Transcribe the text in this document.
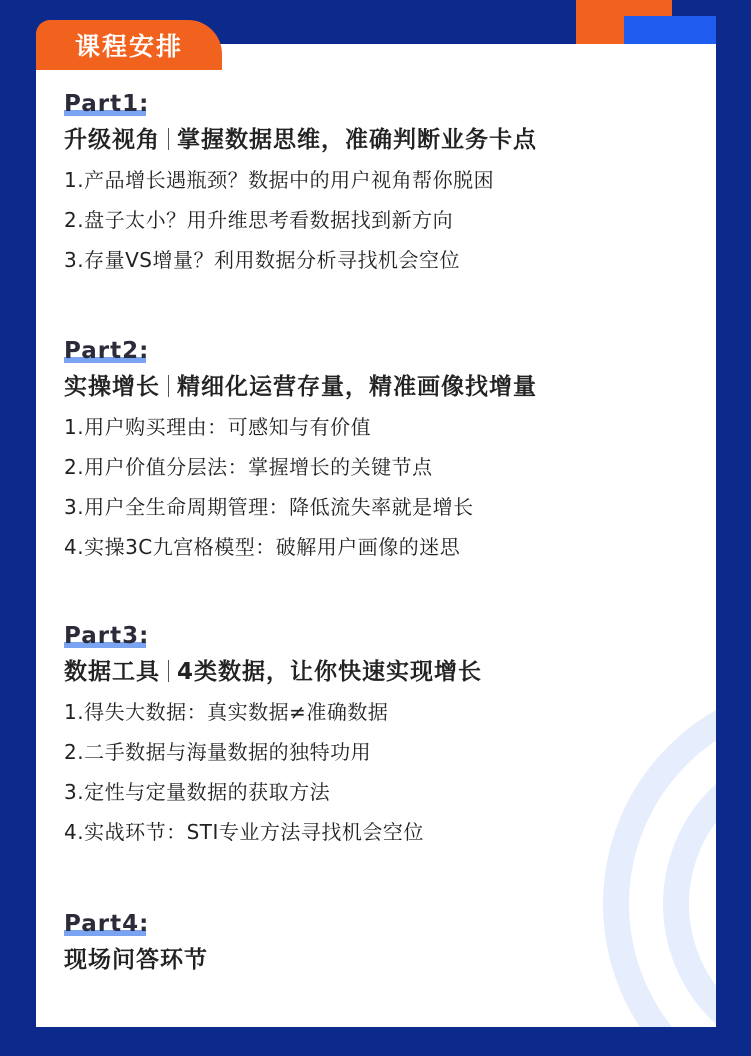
课程安排
Part1:
升级视角 掌握数据思维，准确判断业务卡点
1.产品增长遇瓶颈？数据中的用户视角帮你脱困
2.盘子太小？用升维思考看数据找到新方向
3.存量VS增量？利用数据分析寻找机会空位
Part2:
实操增长 精细化运营存量，精准画像找增量
1.用户购买理由：可感知与有价值
2.用户价值分层法：掌握增长的关键节点
3.用户全生命周期管理：降低流失率就是增长
4.实操3C九宫格模型：破解用户画像的迷思
Part3:
数据工具 4类数据，让你快速实现增长
1.得失大数据：真实数据≠准确数据
2.二手数据与海量数据的独特功用
3.定性与定量数据的获取方法
4.实战环节：STI专业方法寻找机会空位
Part4:
现场问答环节
